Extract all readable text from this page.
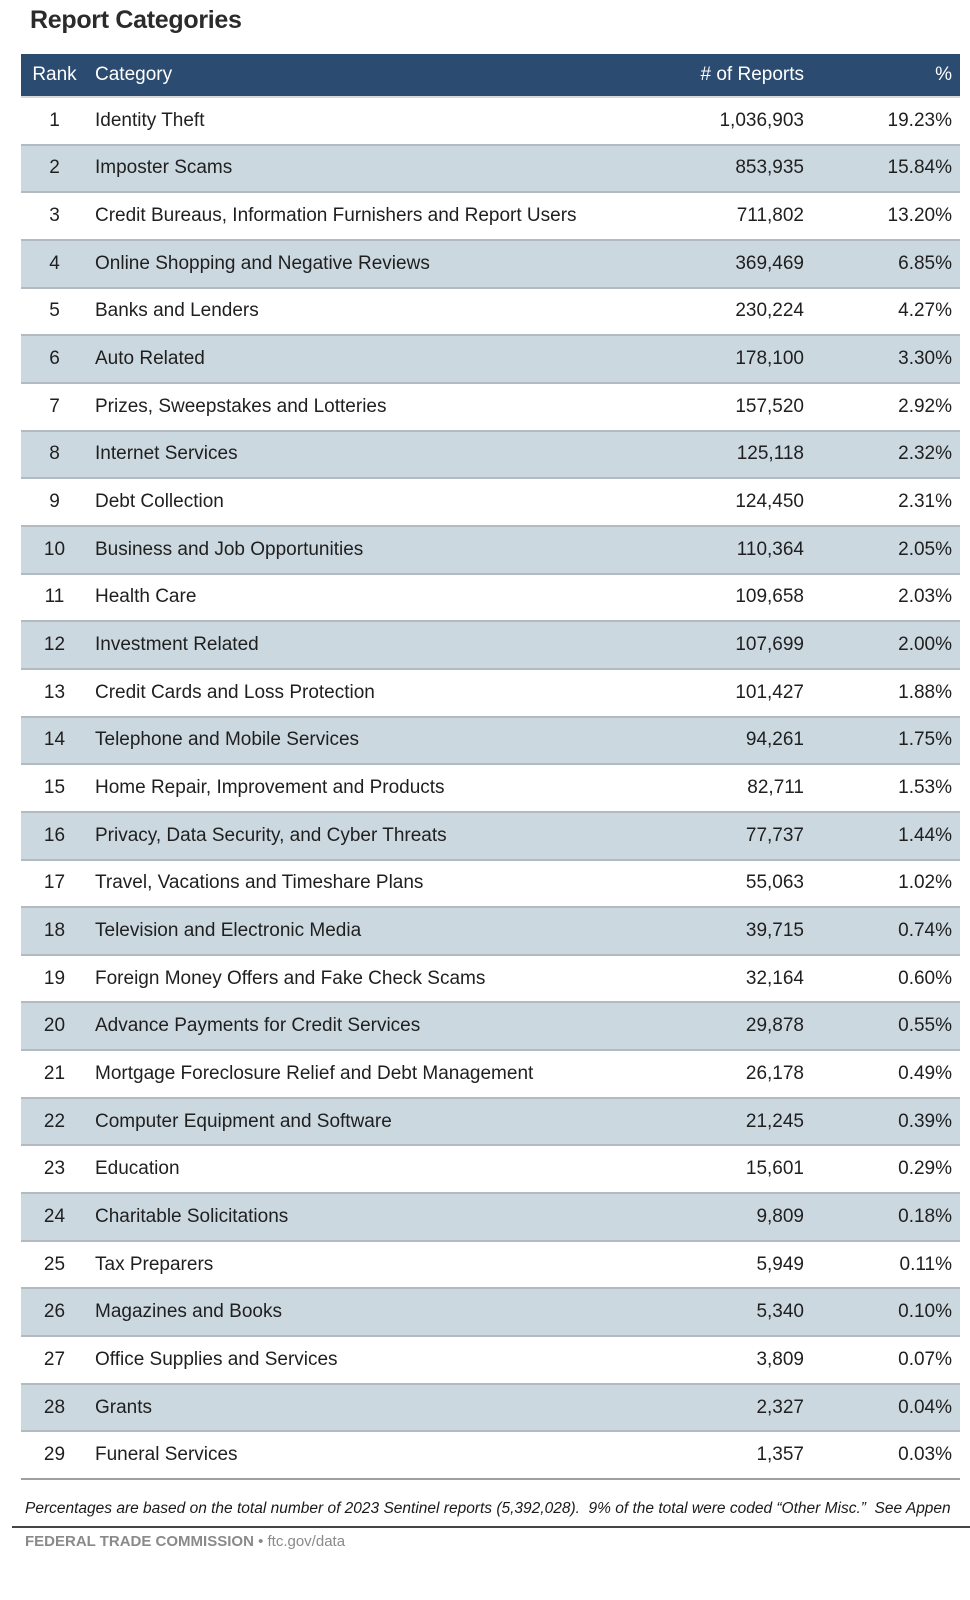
Report Categories
Rank	Category	# of Reports	%
1	Identity Theft	1,036,903	19.23%
2	Imposter Scams	853,935	15.84%
3	Credit Bureaus, Information Furnishers and Report Users	711,802	13.20%
4	Online Shopping and Negative Reviews	369,469	6.85%
5	Banks and Lenders	230,224	4.27%
6	Auto Related	178,100	3.30%
7	Prizes, Sweepstakes and Lotteries	157,520	2.92%
8	Internet Services	125,118	2.32%
9	Debt Collection	124,450	2.31%
10	Business and Job Opportunities	110,364	2.05%
11	Health Care	109,658	2.03%
12	Investment Related	107,699	2.00%
13	Credit Cards and Loss Protection	101,427	1.88%
14	Telephone and Mobile Services	94,261	1.75%
15	Home Repair, Improvement and Products	82,711	1.53%
16	Privacy, Data Security, and Cyber Threats	77,737	1.44%
17	Travel, Vacations and Timeshare Plans	55,063	1.02%
18	Television and Electronic Media	39,715	0.74%
19	Foreign Money Offers and Fake Check Scams	32,164	0.60%
20	Advance Payments for Credit Services	29,878	0.55%
21	Mortgage Foreclosure Relief and Debt Management	26,178	0.49%
22	Computer Equipment and Software	21,245	0.39%
23	Education	15,601	0.29%
24	Charitable Solicitations	9,809	0.18%
25	Tax Preparers	5,949	0.11%
26	Magazines and Books	5,340	0.10%
27	Office Supplies and Services	3,809	0.07%
28	Grants	2,327	0.04%
29	Funeral Services	1,357	0.03%
Percentages are based on the total number of 2023 Sentinel reports (5,392,028).  9% of the total were coded “Other Misc.”  See Appen
FEDERAL TRADE COMMISSION • ftc.gov/data
